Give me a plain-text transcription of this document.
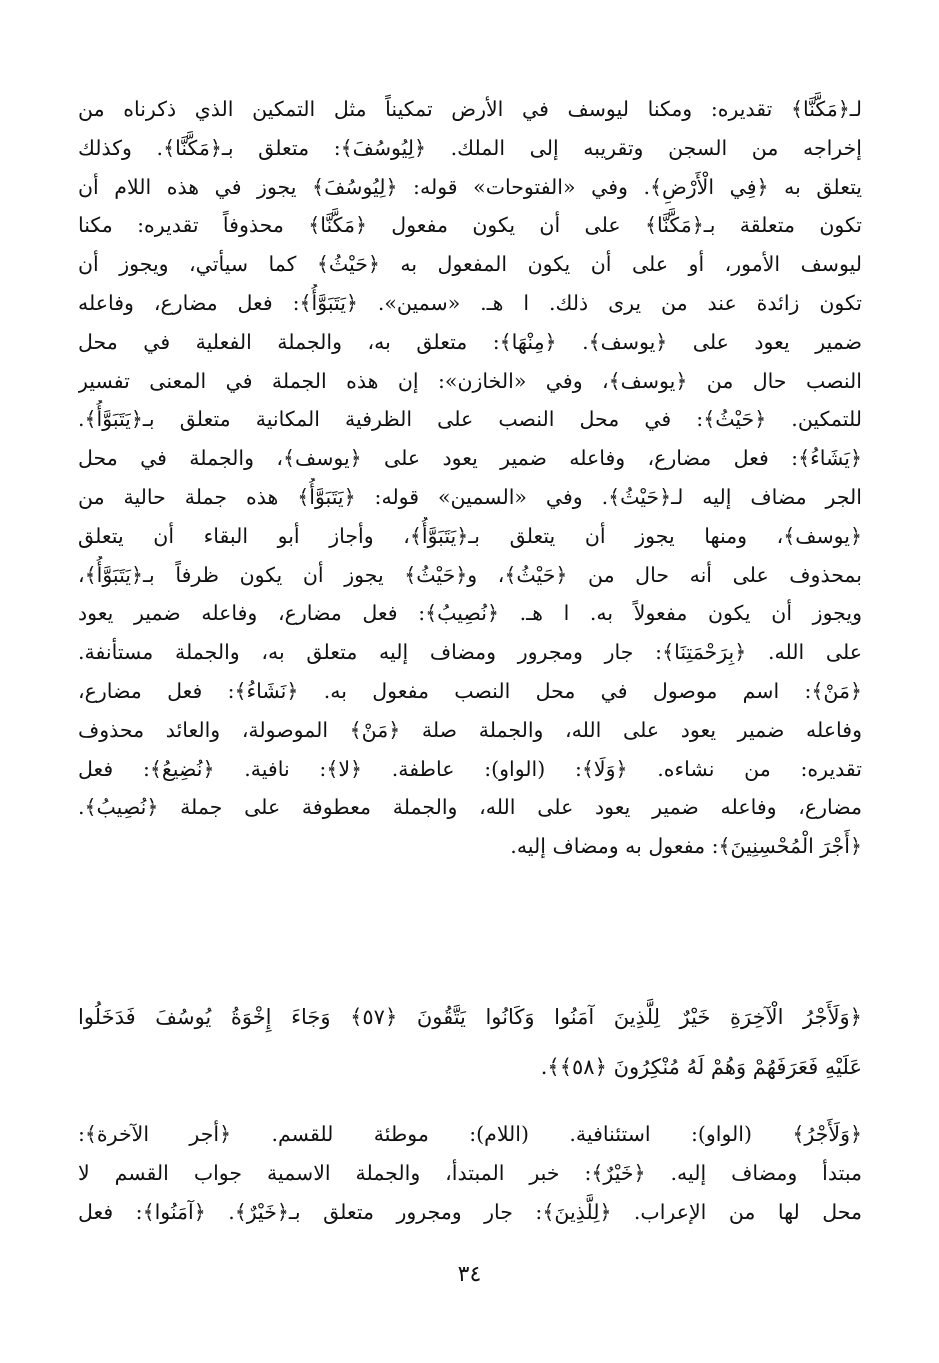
لـ﴿مَكَّنَّا﴾ تقديره: ومكنا ليوسف في الأرض تمكيناً مثل التمكين الذي ذكرناه من
إخراجه من السجن وتقريبه إلى الملك. ﴿لِيُوسُفَ﴾: متعلق بـ﴿مَكَّنَّا﴾. وكذلك
يتعلق به ﴿فِي الْأَرْضِ﴾. وفي «الفتوحات» قوله: ﴿لِيُوسُفَ﴾ يجوز في هذه اللام أن
تكون متعلقة بـ﴿مَكَّنَّا﴾ على أن يكون مفعول ﴿مَكَّنَّا﴾ محذوفاً تقديره: مكنا
ليوسف الأمور، أو على أن يكون المفعول به ﴿حَيْثُ﴾ كما سيأتي، ويجوز أن
تكون زائدة عند من يرى ذلك. ا هـ. «سمين». ﴿يَتَبَوَّأُ﴾: فعل مضارع، وفاعله
ضمير يعود على ﴿يوسف﴾. ﴿مِنْهَا﴾: متعلق به، والجملة الفعلية في محل
النصب حال من ﴿يوسف﴾، وفي «الخازن»: إن هذه الجملة في المعنى تفسير
للتمكين. ﴿حَيْثُ﴾: في محل النصب على الظرفية المكانية متعلق بـ﴿يَتَبَوَّأُ﴾.
﴿يَشَاءُ﴾: فعل مضارع، وفاعله ضمير يعود على ﴿يوسف﴾، والجملة في محل
الجر مضاف إليه لـ﴿حَيْثُ﴾. وفي «السمين» قوله: ﴿يَتَبَوَّأُ﴾ هذه جملة حالية من
﴿يوسف﴾، ومنها يجوز أن يتعلق بـ﴿يَتَبَوَّأُ﴾، وأجاز أبو البقاء أن يتعلق
بمحذوف على أنه حال من ﴿حَيْثُ﴾، و﴿حَيْثُ﴾ يجوز أن يكون ظرفاً بـ﴿يَتَبَوَّأُ﴾،
ويجوز أن يكون مفعولاً به. ا هـ. ﴿نُصِيبُ﴾: فعل مضارع، وفاعله ضمير يعود
على الله. ﴿بِرَحْمَتِنَا﴾: جار ومجرور ومضاف إليه متعلق به، والجملة مستأنفة.
﴿مَنْ﴾: اسم موصول في محل النصب مفعول به. ﴿نَشَاءُ﴾: فعل مضارع،
وفاعله ضمير يعود على الله، والجملة صلة ﴿مَنْ﴾ الموصولة، والعائد محذوف
تقديره: من نشاءه. ﴿وَلَا﴾: (الواو): عاطفة. ﴿لا﴾: نافية. ﴿نُضِيعُ﴾: فعل
مضارع، وفاعله ضمير يعود على الله، والجملة معطوفة على جملة ﴿نُصِيبُ﴾.
﴿أَجْرَ الْمُحْسِنِينَ﴾: مفعول به ومضاف إليه.
﴿وَلَأَجْرُ الْآخِرَةِ خَيْرٌ لِلَّذِينَ آمَنُوا وَكَانُوا يَتَّقُونَ ﴿٥٧﴾ وَجَاءَ إِخْوَةُ يُوسُفَ فَدَخَلُوا
عَلَيْهِ فَعَرَفَهُمْ وَهُمْ لَهُ مُنْكِرُونَ ﴿٥٨﴾﴾.
﴿وَلَأَجْرُ﴾ (الواو): استئنافية. (اللام): موطئة للقسم. ﴿أجر الآخرة﴾:
مبتدأ ومضاف إليه. ﴿خَيْرٌ﴾: خبر المبتدأ، والجملة الاسمية جواب القسم لا
محل لها من الإعراب. ﴿لِلَّذِينَ﴾: جار ومجرور متعلق بـ﴿خَيْرٌ﴾. ﴿آمَنُوا﴾: فعل
٣٤
